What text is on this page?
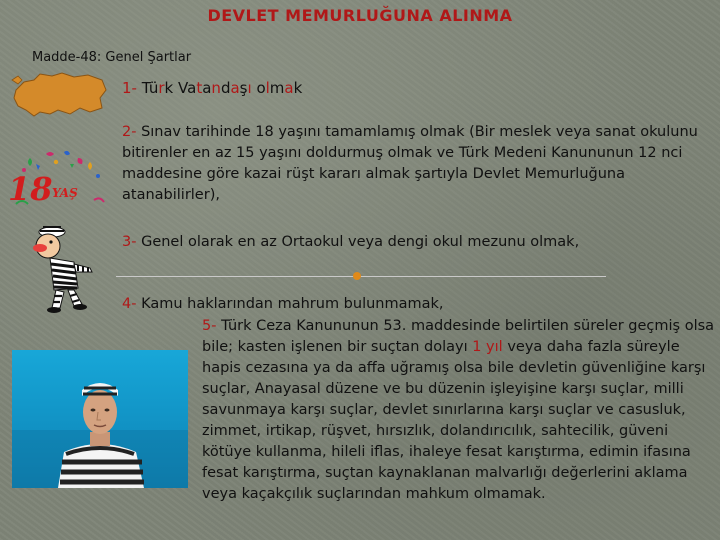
DEVLET MEMURLUĞUNA ALINMA
Madde-48: Genel Şartlar
18 YAŞ
1- Türk Vatandaşı olmak
2- Sınav tarihinde 18 yaşını tamamlamış olmak (Bir meslek veya sanat okulunu bitirenler en az 15 yaşını doldurmuş olmak ve Türk Medeni Kanununun 12 nci maddesine göre kazai rüşt kararı almak şartıyla Devlet Memurluğuna atanabilirler),
3- Genel olarak en az Ortaokul veya dengi okul mezunu olmak,
4- Kamu haklarından mahrum bulunmamak,
5- Türk Ceza Kanununun 53. maddesinde belirtilen süreler geçmiş olsa bile; kasten işlenen bir suçtan dolayı 1 yıl veya daha fazla süreyle hapis cezasına ya da affa uğramış olsa bile devletin güvenliğine karşı suçlar, Anayasal düzene ve bu düzenin işleyişine karşı suçlar, milli savunmaya karşı suçlar, devlet sınırlarına karşı suçlar ve casusluk, zimmet, irtikap, rüşvet, hırsızlık, dolandırıcılık, sahtecilik, güveni kötüye kullanma, hileli iflas, ihaleye fesat karıştırma, edimin ifasına fesat karıştırma, suçtan kaynaklanan malvarlığı değerlerini aklama veya kaçakçılık suçlarından mahkum olmamak.
